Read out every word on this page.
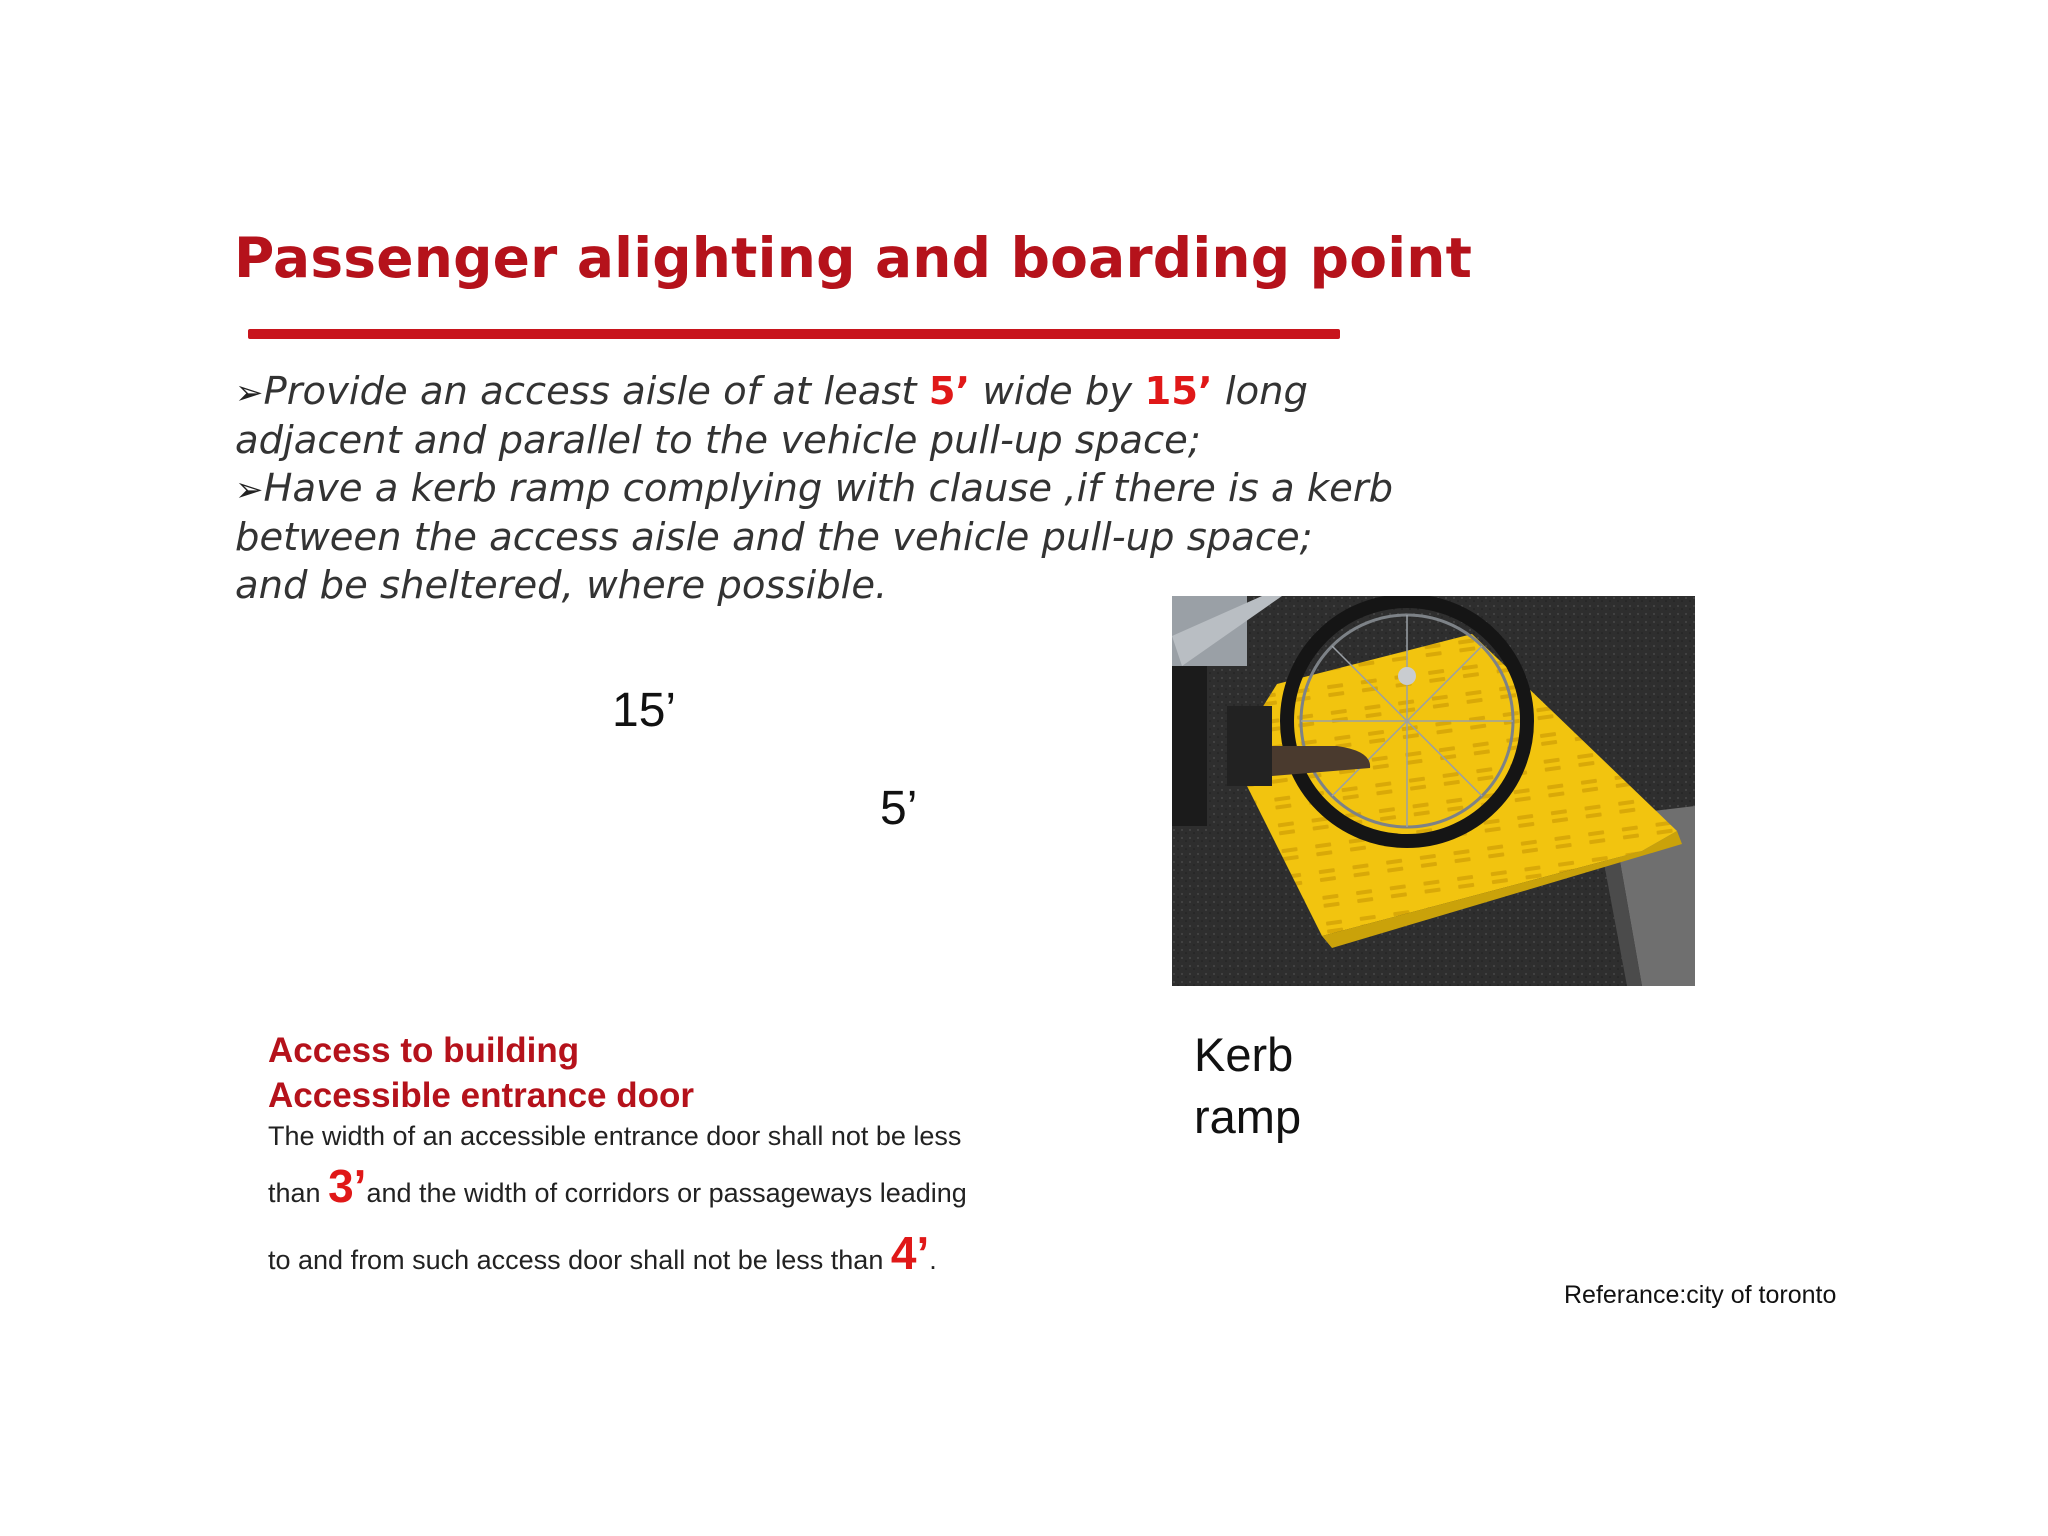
Passenger alighting and boarding point

➢Provide an access aisle of at least 5’ wide by 15’ long

adjacent and parallel to the vehicle pull-up space;

➢Have a kerb ramp complying with clause ,if there is a kerb

between the access aisle and the vehicle pull-up space;

and be sheltered, where possible.

15’
5’
Kerb
ramp
Access to building
Accessible entrance door
The width of an accessible entrance door shall not be less
than 3’and the width of corridors or passageways leading
to and from such access door shall not be less than 4’.
Referance:city of toronto
